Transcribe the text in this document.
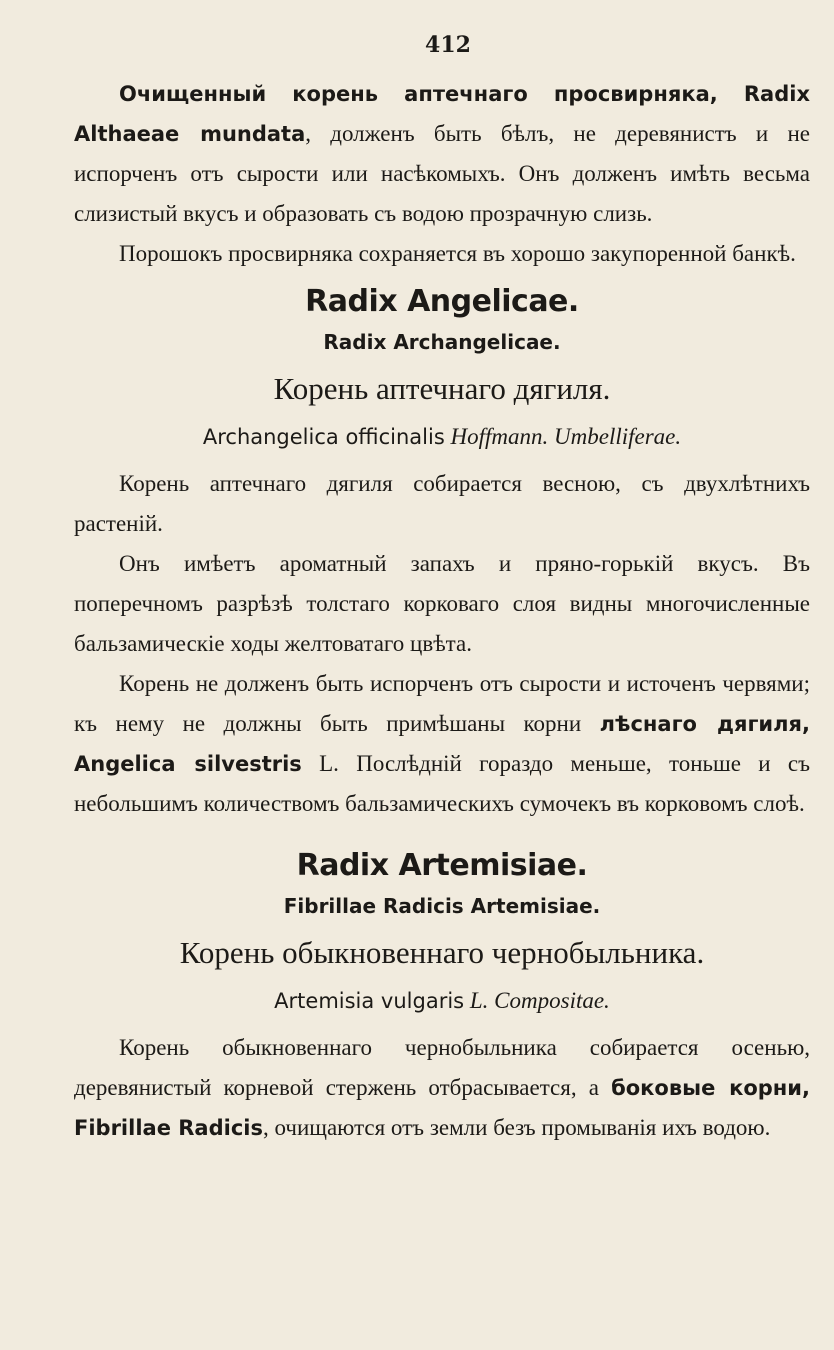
412

Очищенный корень аптечнаго просвирняка, Radix Althaeae mundata, долженъ быть бѣлъ, не деревянистъ и не испорченъ отъ сырости или насѣкомыхъ. Онъ долженъ имѣть весьма слизистый вкусъ и образовать съ водою прозрачную слизь.

Порошокъ просвирняка сохраняется въ хорошо закупоренной банкѣ.

Radix Angelicae.
Radix Archangelicae.
Корень аптечнаго дягиля.
Archangelica officinalis Hoffmann. Umbelliferae.

Корень аптечнаго дягиля собирается весною, съ двухлѣтнихъ растеній.

Онъ имѣетъ ароматный запахъ и пряно-горькій вкусъ. Въ поперечномъ разрѣзѣ толстаго корковаго слоя видны многочисленные бальзамическіе ходы желтоватаго цвѣта.

Корень не долженъ быть испорченъ отъ сырости и источенъ червями; къ нему не должны быть примѣшаны корни лѣснаго дягиля, Angelica silvestris L. Послѣдній гораздо меньше, тоньше и съ небольшимъ количествомъ бальзамическихъ сумочекъ въ корковомъ слоѣ.

Radix Artemisiae.
Fibrillae Radicis Artemisiae.
Корень обыкновеннаго чернобыльника.
Artemisia vulgaris L. Compositae.

Корень обыкновеннаго чернобыльника собирается осенью, деревянистый корневой стержень отбрасывается, а боковые корни, Fibrillae Radicis, очищаются отъ земли безъ промыванія ихъ водою.
